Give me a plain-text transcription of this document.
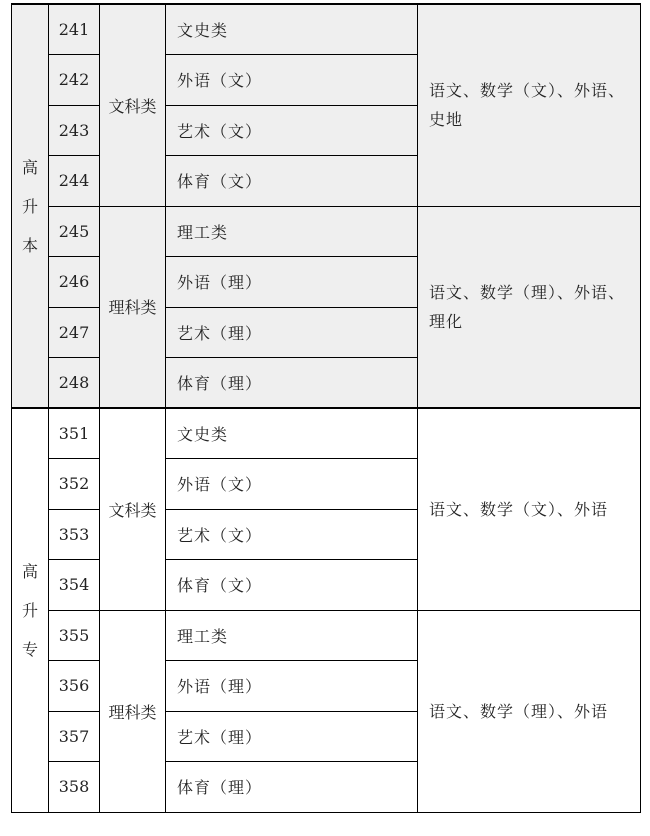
高升本	241	文科类	文史类	语文、数学（文）、外语、史地
	242		外语（文）	
	243		艺术（文）	
	244		体育（文）	
	245	理科类	理工类	语文、数学（理）、外语、理化
	246		外语（理）	
	247		艺术（理）	
	248		体育（理）	
高升专	351	文科类	文史类	语文、数学（文）、外语
	352		外语（文）	
	353		艺术（文）	
	354		体育（文）	
	355	理科类	理工类	语文、数学（理）、外语
	356		外语（理）	
	357		艺术（理）	
	358		体育（理）	
